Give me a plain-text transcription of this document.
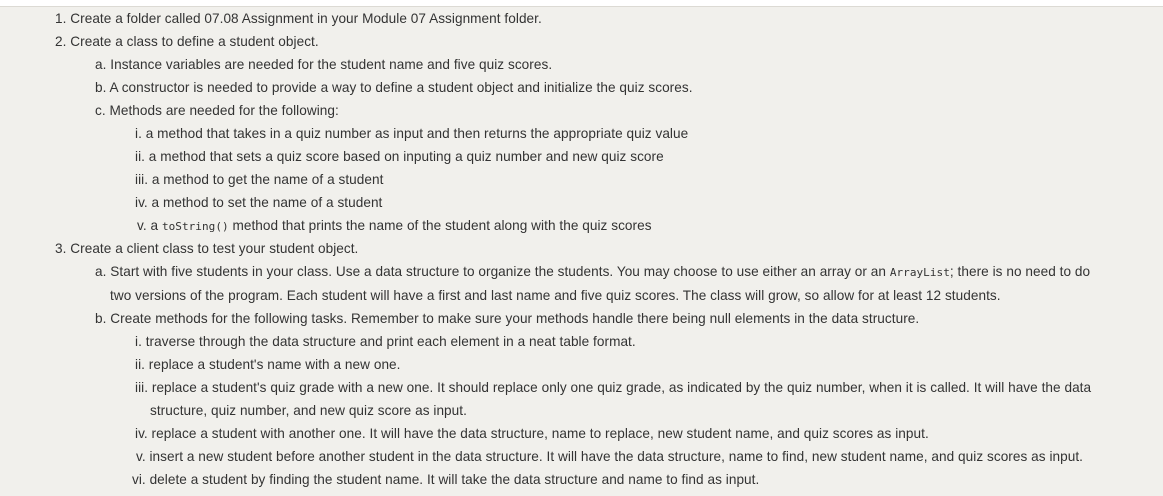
1. Create a folder called 07.08 Assignment in your Module 07 Assignment folder.
2. Create a class to define a student object.
a. Instance variables are needed for the student name and five quiz scores.
b. A constructor is needed to provide a way to define a student object and initialize the quiz scores.
c. Methods are needed for the following:
i. a method that takes in a quiz number as input and then returns the appropriate quiz value
ii. a method that sets a quiz score based on inputing a quiz number and new quiz score
iii. a method to get the name of a student
iv. a method to set the name of a student
v. a toString() method that prints the name of the student along with the quiz scores
3. Create a client class to test your student object.
a. Start with five students in your class. Use a data structure to organize the students. You may choose to use either an array or an ArrayList; there is no need to do
two versions of the program. Each student will have a first and last name and five quiz scores. The class will grow, so allow for at least 12 students.
b. Create methods for the following tasks. Remember to make sure your methods handle there being null elements in the data structure.
i. traverse through the data structure and print each element in a neat table format.
ii. replace a student's name with a new one.
iii. replace a student's quiz grade with a new one. It should replace only one quiz grade, as indicated by the quiz number, when it is called. It will have the data
structure, quiz number, and new quiz score as input.
iv. replace a student with another one. It will have the data structure, name to replace, new student name, and quiz scores as input.
v. insert a new student before another student in the data structure. It will have the data structure, name to find, new student name, and quiz scores as input.
vi. delete a student by finding the student name. It will take the data structure and name to find as input.
